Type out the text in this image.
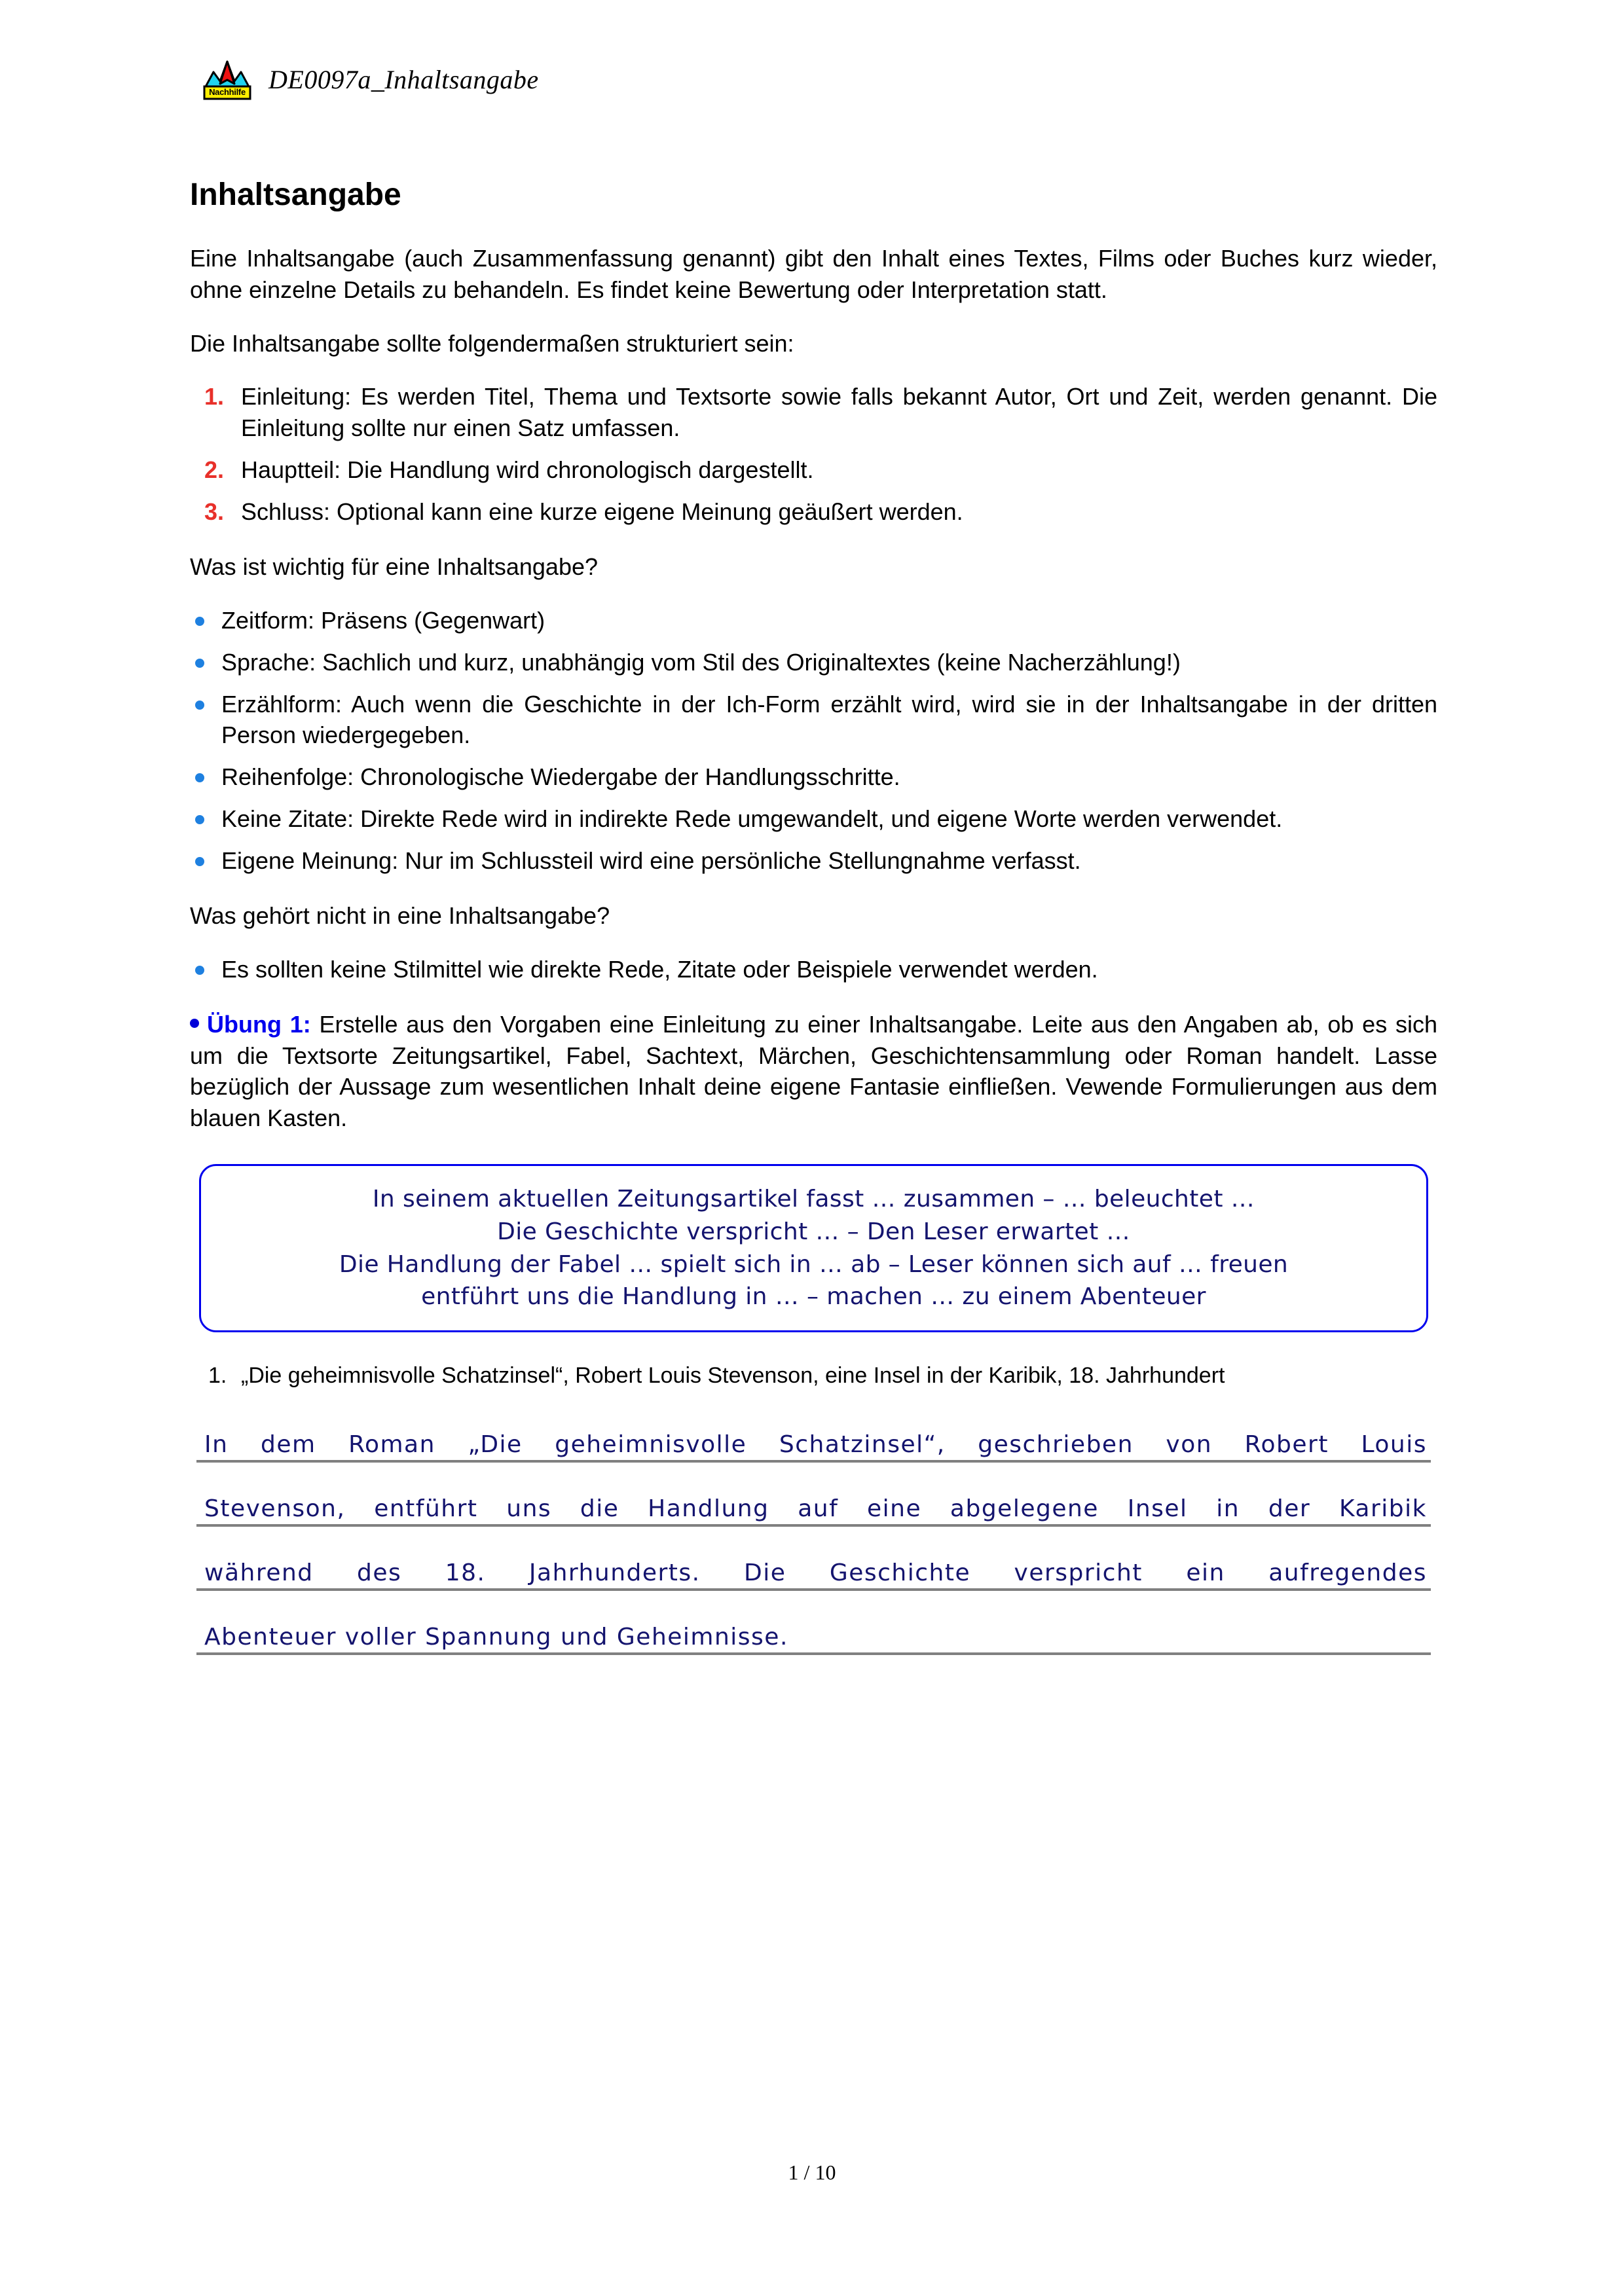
Nachhilfe DE0097a_Inhaltsangabe
Inhaltsangabe

Eine Inhaltsangabe (auch Zusammenfassung genannt) gibt den Inhalt eines Textes, Films oder Buches kurz wieder, ohne einzelne Details zu behandeln. Es findet keine Bewertung oder Interpretation statt.

Die Inhaltsangabe sollte folgendermaßen strukturiert sein:

1. Einleitung: Es werden Titel, Thema und Textsorte sowie falls bekannt Autor, Ort und Zeit, werden genannt. Die Einleitung sollte nur einen Satz umfassen.
2. Hauptteil: Die Handlung wird chronologisch dargestellt.
3. Schluss: Optional kann eine kurze eigene Meinung geäußert werden.

Was ist wichtig für eine Inhaltsangabe?

Zeitform: Präsens (Gegenwart)
Sprache: Sachlich und kurz, unabhängig vom Stil des Originaltextes (keine Nacherzählung!)
Erzählform: Auch wenn die Geschichte in der Ich-Form erzählt wird, wird sie in der Inhaltsangabe in der dritten Person wiedergegeben.
Reihenfolge: Chronologische Wiedergabe der Handlungsschritte.
Keine Zitate: Direkte Rede wird in indirekte Rede umgewandelt, und eigene Worte werden verwendet.
Eigene Meinung: Nur im Schlussteil wird eine persönliche Stellungnahme verfasst.

Was gehört nicht in eine Inhaltsangabe?

Es sollten keine Stilmittel wie direkte Rede, Zitate oder Beispiele verwendet werden.

Übung 1: Erstelle aus den Vorgaben eine Einleitung zu einer Inhaltsangabe. Leite aus den Angaben ab, ob es sich um die Textsorte Zeitungsartikel, Fabel, Sachtext, Märchen, Geschichtensammlung oder Roman handelt. Lasse bezüglich der Aussage zum wesentlichen Inhalt deine eigene Fantasie einfließen. Vewende Formulierungen aus dem blauen Kasten.

In seinem aktuellen Zeitungsartikel fasst … zusammen – … beleuchtet …
Die Geschichte verspricht … – Den Leser erwartet …
Die Handlung der Fabel … spielt sich in … ab – Leser können sich auf … freuen
entführt uns die Handlung in … – machen … zu einem Abenteuer

1. „Die geheimnisvolle Schatzinsel“, Robert Louis Stevenson, eine Insel in der Karibik, 18. Jahrhundert

In dem Roman „Die geheimnisvolle Schatzinsel“, geschrieben von Robert Louis
Stevenson, entführt uns die Handlung auf eine abgelegene Insel in der Karibik
während des 18. Jahrhunderts. Die Geschichte verspricht ein aufregendes
Abenteuer voller Spannung und Geheimnisse.
1 / 10
